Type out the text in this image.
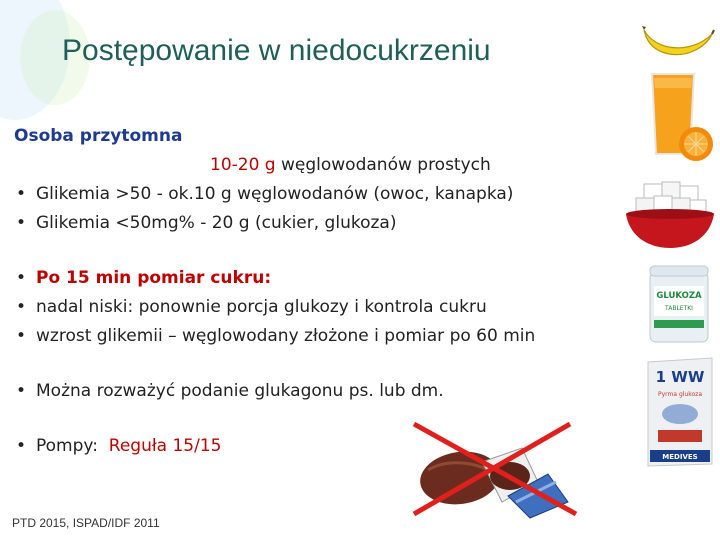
Postępowanie w niedocukrzeniu
Osoba przytomna
10-20 g węglowodanów prostych
• Glikemia >50 - ok.10 g węglowodanów (owoc, kanapka)
• Glikemia <50mg% - 20 g (cukier, glukoza)
• Po 15 min pomiar cukru:
• nadal niski: ponownie porcja glukozy i kontrola cukru
• wzrost glikemii – węglowodany złożone i pomiar po 60 min
• Można rozważyć podanie glukagonu ps. lub dm.
• Pompy:  Reguła 15/15
GLUKOZA
TABLETKI
1 WW
Pyrma glukoza
MEDIVES
PTD 2015, ISPAD/IDF 2011
